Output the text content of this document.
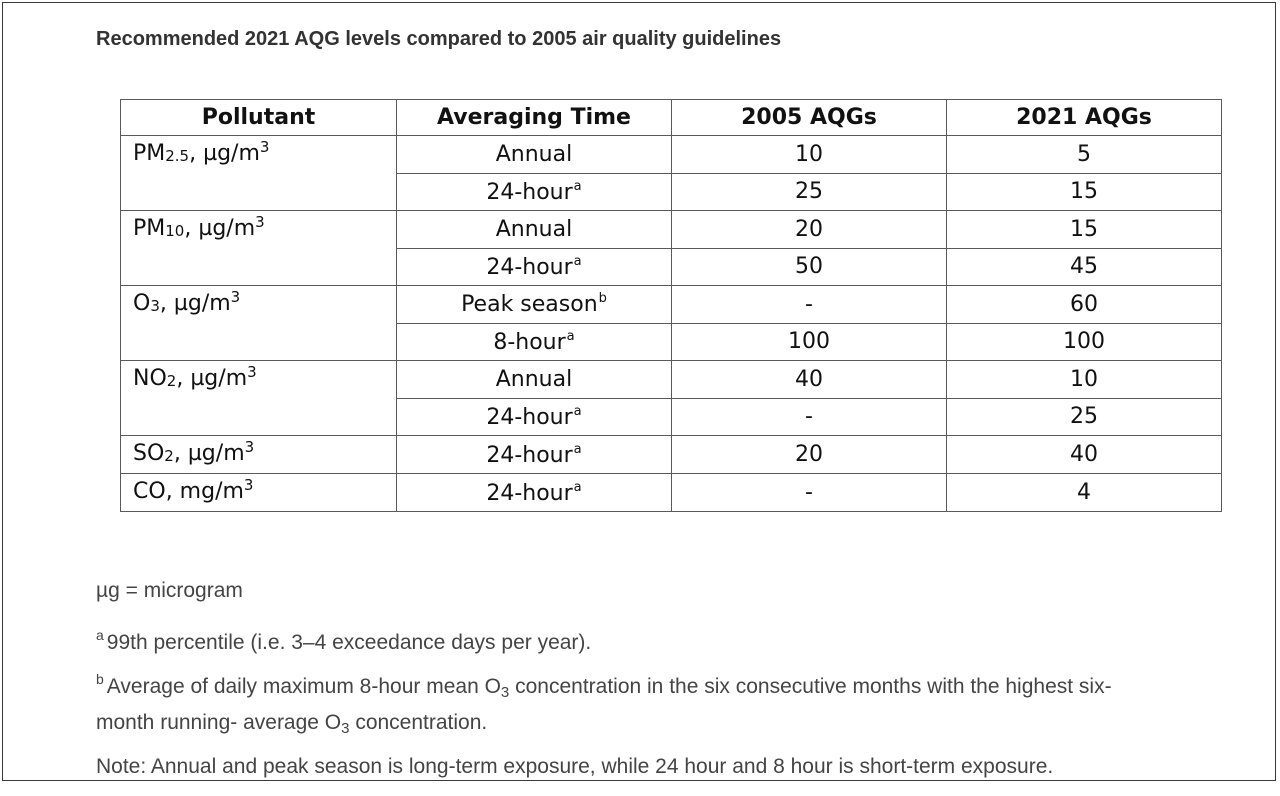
Recommended 2021 AQG levels compared to 2005 air quality guidelines
Pollutant	Averaging Time	2005 AQGs	2021 AQGs
$PM_{2.5}$, $\mu g/m^3$	Annual	10	5
	24-hour$^a$	25	15
$PM_{10}$, $\mu g/m^3$	Annual	20	15
	24-hour$^a$	50	45
$O_3$, $\mu g/m^3$	Peak season$^b$	-	60
	8-hour$^a$	100	100
$NO_2$, $\mu g/m^3$	Annual	40	10
	24-hour$^a$	-	25
$SO_2$, $\mu g/m^3$	24-hour$^a$	20	40
CO, $mg/m^3$	24-hour$^a$	-	4
µg = microgram
$^a$ 99th percentile (i.e. 3–4 exceedance days per year).
$^b$ Average of daily maximum 8-hour mean O3 concentration in the six consecutive months with the highest six-
month running- average O3 concentration.
Note: Annual and peak season is long-term exposure, while 24 hour and 8 hour is short-term exposure.
